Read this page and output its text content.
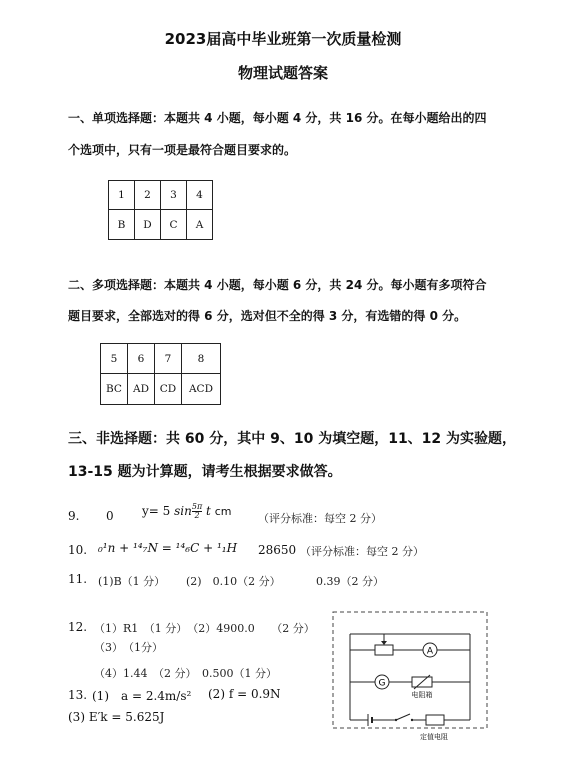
2023届高中毕业班第一次质量检测
物理试题答案
一、单项选择题：本题共 4 小题，每小题 4 分，共 16 分。在每小题给出的四
个选项中，只有一项是最符合题目要求的。
1	2	3	4
B	D	C	A
二、多项选择题：本题共 4 小题，每小题 6 分，共 24 分。每小题有多项符合
题目要求，全部选对的得 6 分，选对但不全的得 3 分，有选错的得 0 分。
5	6	7	8
BC	AD	CD	ACD
三、非选择题：共 60 分，其中 9、10 为填空题，11、12 为实验题，
13-15 题为计算题，请考生根据要求做答。
9. 0 y= 5 $\sin \frac{5\pi}{2}$ t cm
（评分标准：每空 2 分）
10. ₀¹n + ¹⁴₇N = ¹⁴₆C + ¹₁H 28650 （评分标准：每空 2 分）
11. (1)B（1 分） (2)　0.10（2 分）	0.39（2 分）
12. （1）R1　（1 分）　（2）4900.0　　（2 分）
（3）　（1分）
（4）1.44　（2 分）　0.500（1 分）
13. (1)　a = 2.4m/s² (2) f = 0.9N
(3) E′k = 5.625J
A
G
电阻箱
定值电阻
